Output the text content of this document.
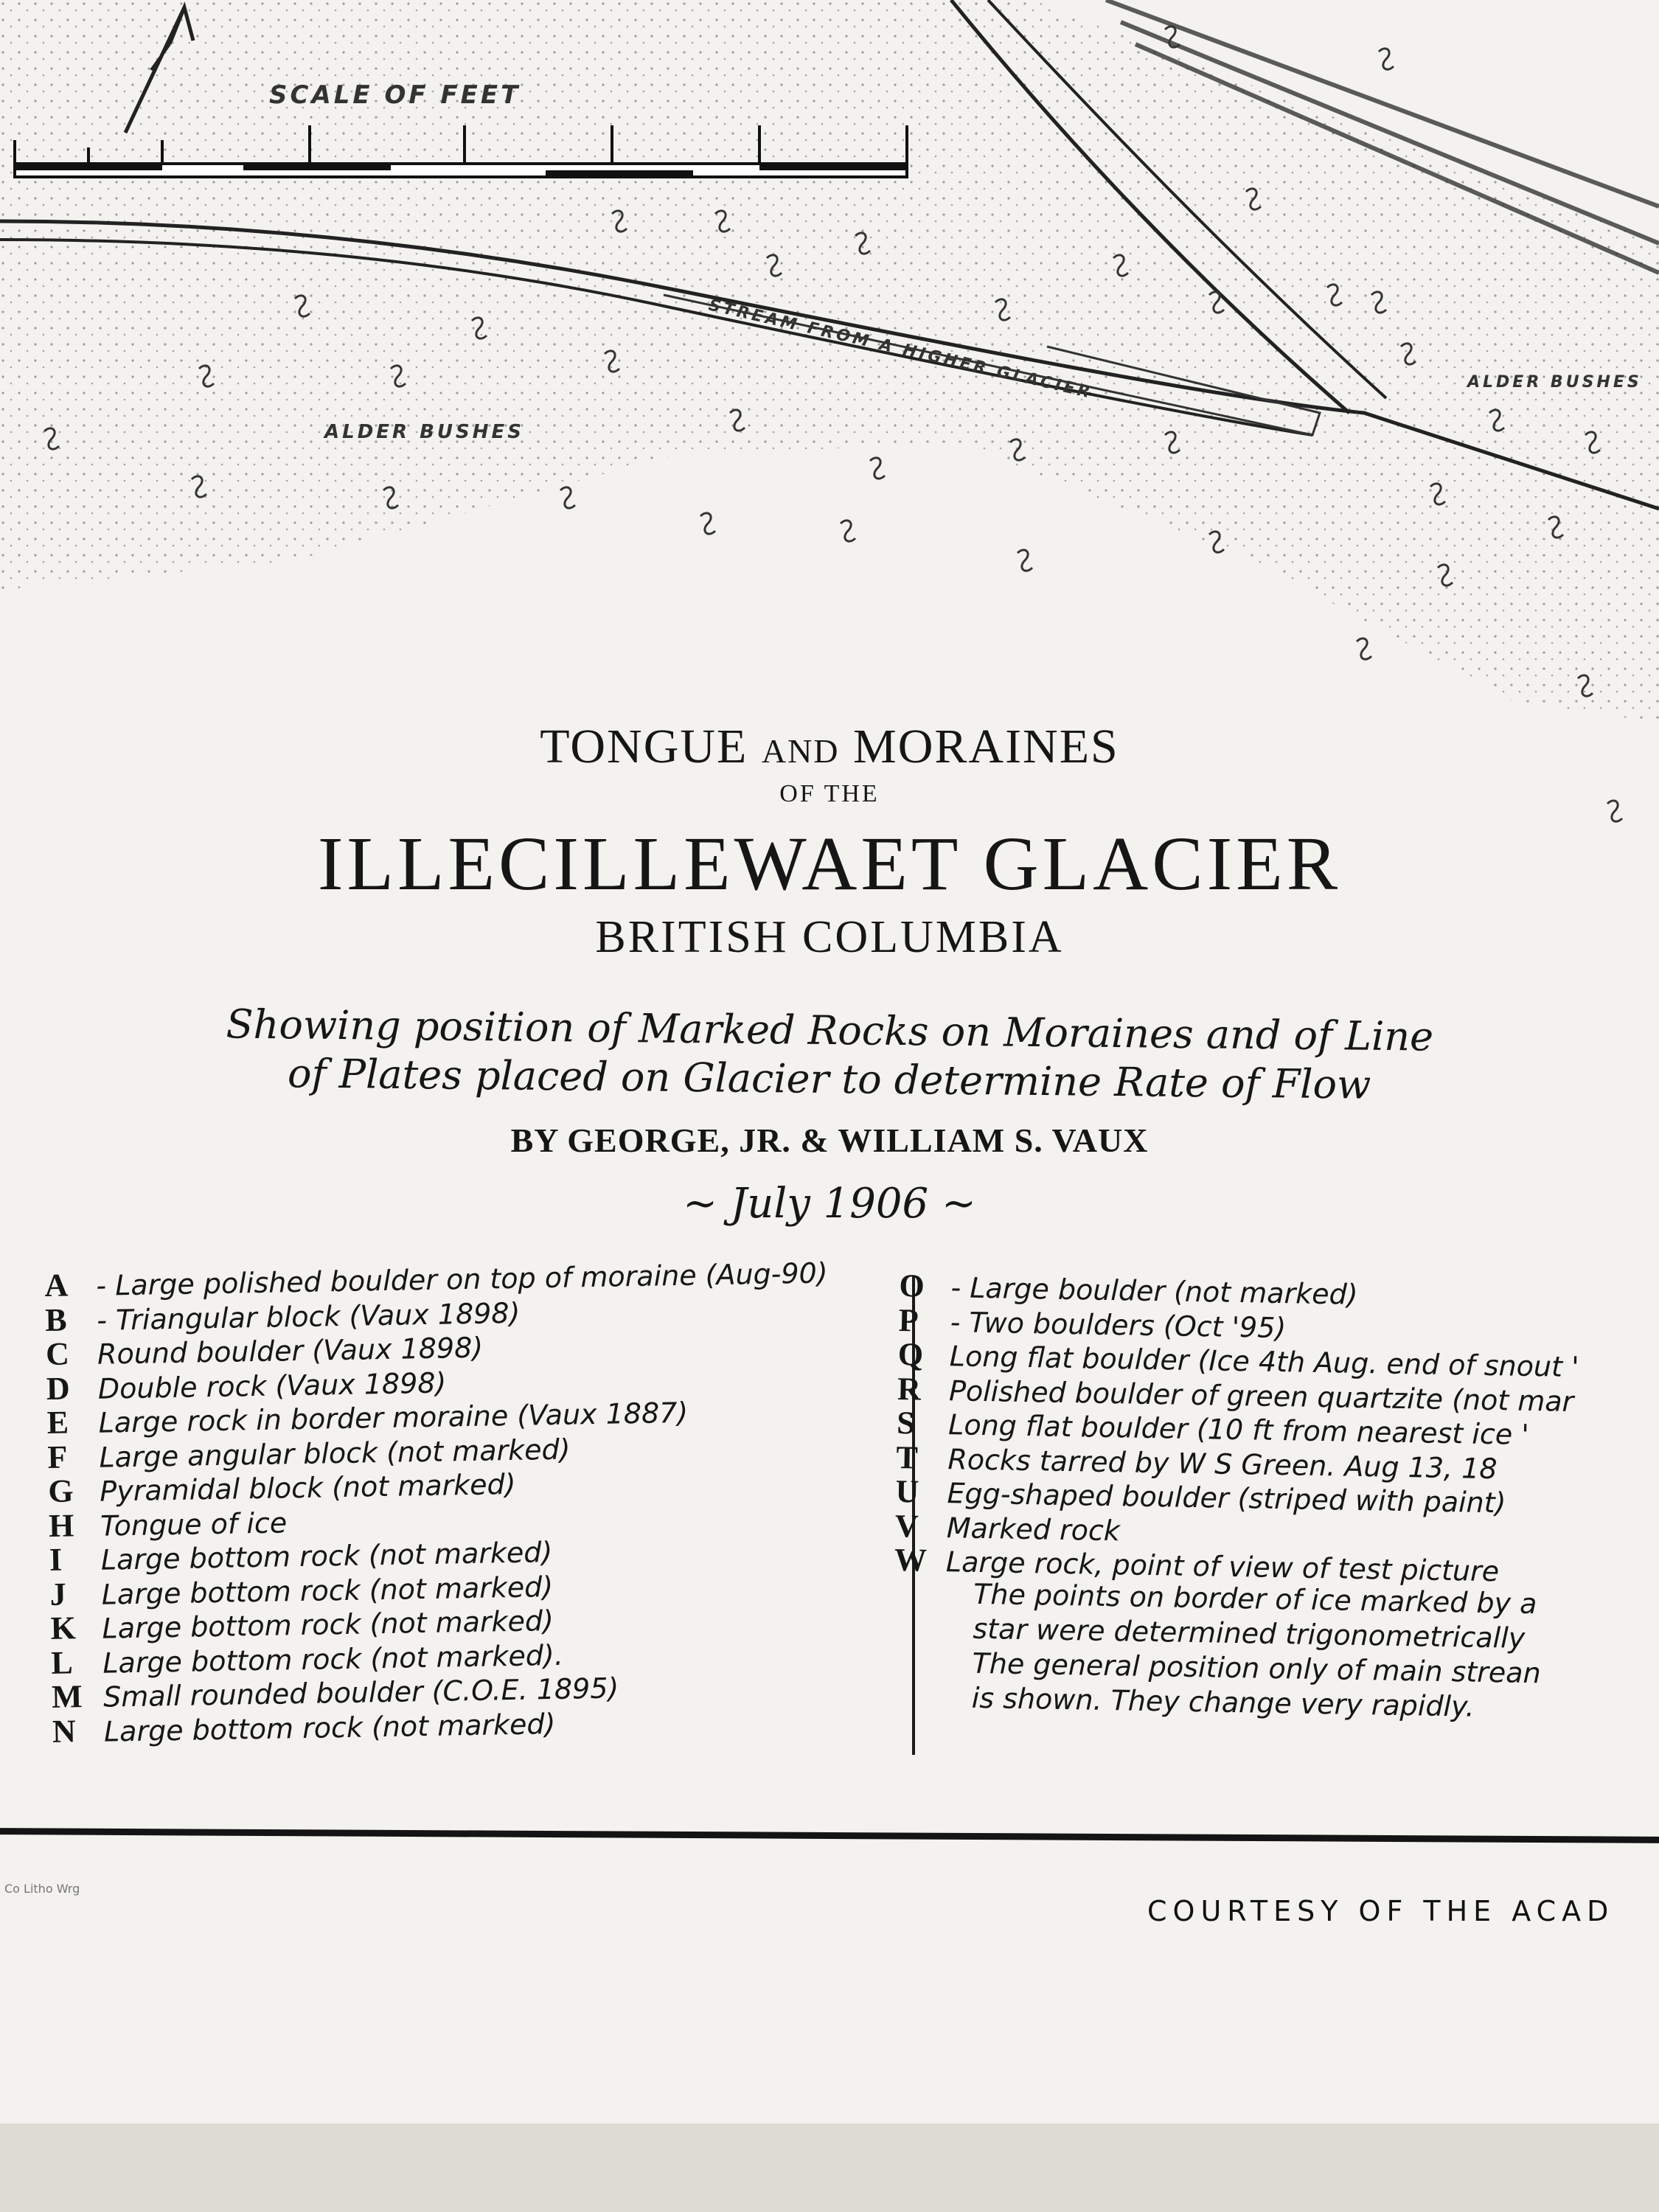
SCALE OF FEET
STREAM FROM A HIGHER GLACIER
ALDER BUSHES
ALDER BUSHES
TONGUE AND MORAINES
OF THE
ILLECILLEWAET GLACIER
BRITISH COLUMBIA
Showing position of Marked Rocks on Moraines and of Line
of Plates placed on Glacier to determine Rate of Flow
BY GEORGE, JR. & WILLIAM S. VAUX
~ July 1906 ~
A - Large polished boulder on top of moraine (Aug-90)
B	- Triangular block (Vaux 1898)
C Round boulder (Vaux 1898)
D Double rock (Vaux 1898)
E	Large rock in border moraine (Vaux 1887)
F	Large angular block (not marked)
G Pyramidal block (not marked)
H Tongue of ice
I	Large bottom rock (not marked)
J	Large bottom rock (not marked)
K Large bottom rock (not marked)
L	Large bottom rock (not marked).
M Small rounded boulder (C.O.E. 1895)
N Large bottom rock (not marked)
O - Large boulder (not marked)
P	- Two boulders (Oct '95)
Q Long flat boulder (Ice 4th Aug. end of snout '
R Polished boulder of green quartzite (not mar
S	Long flat boulder (10 ft from nearest ice '
T	Rocks tarred by W S Green. Aug 13, 18
U Egg-shaped boulder (striped with paint)
V Marked rock
W Large rock, point of view of test picture
The points on border of ice marked by a
star were determined trigonometrically
The general position only of main strean
is shown. They change very rapidly.
Co Litho Wrg
COURTESY OF THE ACAD
